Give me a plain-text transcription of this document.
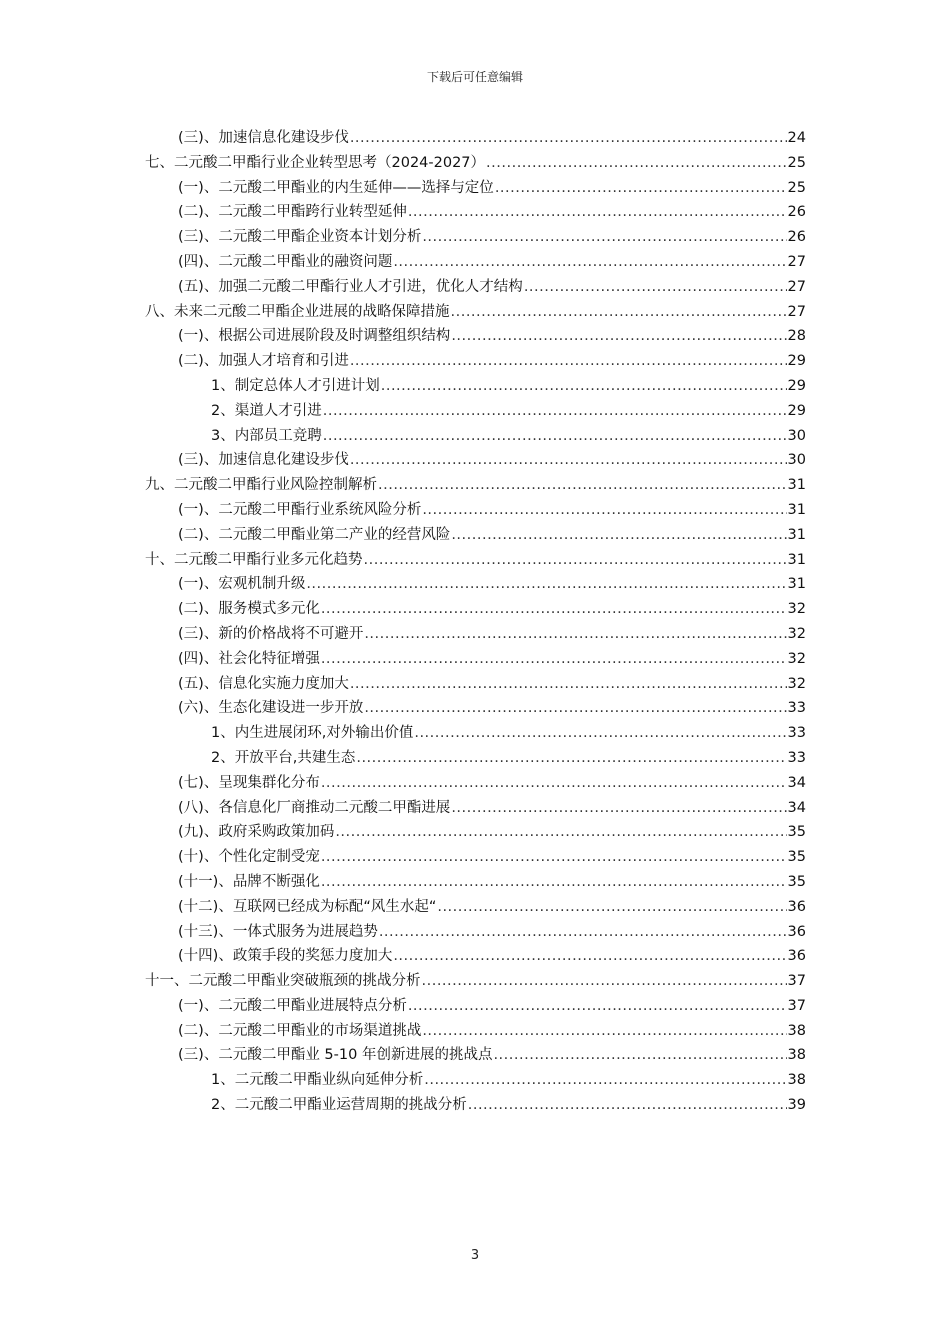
下载后可任意编辑
(三)、加速信息化建设步伐 .....	24
七、二元酸二甲酯行业企业转型思考（2024-2027） .....	25
(一)、二元酸二甲酯业的内生延伸——选择与定位 .....	25
(二)、二元酸二甲酯跨行业转型延伸 .....	26
(三)、二元酸二甲酯企业资本计划分析 .....	26
(四)、二元酸二甲酯业的融资问题 .....	27
(五)、加强二元酸二甲酯行业人才引进，优化人才结构 .....	27
八、未来二元酸二甲酯企业进展的战略保障措施 .....	27
(一)、根据公司进展阶段及时调整组织结构 .....	28
(二)、加强人才培育和引进 .....	29
1、制定总体人才引进计划 .....	29
2、渠道人才引进 .....	29
3、内部员工竞聘 .....	30
(三)、加速信息化建设步伐 .....	30
九、二元酸二甲酯行业风险控制解析 .....	31
(一)、二元酸二甲酯行业系统风险分析 .....	31
(二)、二元酸二甲酯业第二产业的经营风险 .....	31
十、二元酸二甲酯行业多元化趋势 .....	31
(一)、宏观机制升级 .....	31
(二)、服务模式多元化 .....	32
(三)、新的价格战将不可避开 .....	32
(四)、社会化特征增强 .....	32
(五)、信息化实施力度加大 .....	32
(六)、生态化建设进一步开放 .....	33
1、内生进展闭环,对外输出价值 .....	33
2、开放平台,共建生态 .....	33
(七)、呈现集群化分布 .....	34
(八)、各信息化厂商推动二元酸二甲酯进展 .....	34
(九)、政府采购政策加码 .....	35
(十)、个性化定制受宠 .....	35
(十一)、品牌不断强化 .....	35
(十二)、互联网已经成为标配“风生水起“ .....	36
(十三)、一体式服务为进展趋势 .....	36
(十四)、政策手段的奖惩力度加大 .....	36
十一、二元酸二甲酯业突破瓶颈的挑战分析 .....	37
(一)、二元酸二甲酯业进展特点分析 .....	37
(二)、二元酸二甲酯业的市场渠道挑战 .....	38
(三)、二元酸二甲酯业 5-10 年创新进展的挑战点 .....	38
1、二元酸二甲酯业纵向延伸分析 .....	38
2、二元酸二甲酯业运营周期的挑战分析 .....	39
3
